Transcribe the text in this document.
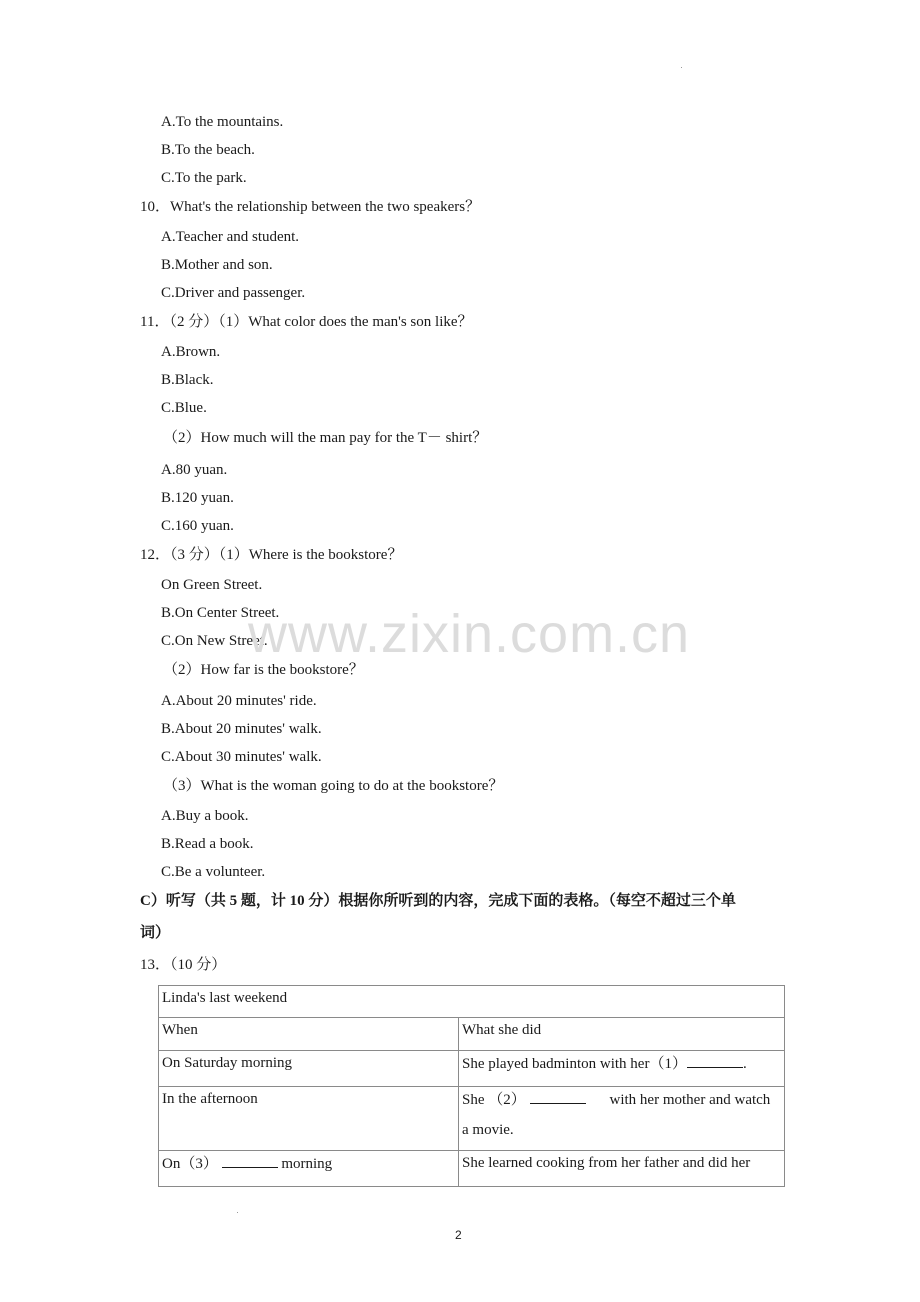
A.To the mountains.
B.To the beach.
C.To the park.
10．What's the relationship between the two speakers？
A.Teacher and student.
B.Mother and son.
C.Driver and passenger.
11．（2 分）（1）What color does the man's son like？
A.Brown.
B.Black.
C.Blue.
（2）How much will the man pay for the T－ shirt？
A.80 yuan.
B.120 yuan.
C.160 yuan.
12．（3 分）（1）Where is the bookstore？
On Green Street.
B.On Center Street.
C.On New Street.
（2）How far is the bookstore？
A.About 20 minutes' ride.
B.About 20 minutes' walk.
C.About 30 minutes' walk.
（3）What is the woman going to do at the bookstore？
A.Buy a book.
B.Read a book.
C.Be a volunteer.
www.zixin.com.cn
C）听写（共 5 题，计 10 分）根据你所听到的内容，完成下面的表格。（每空不超过三个单
词）
13．（10 分）
Linda's last weekend	
When	What she did
On Saturday morning	She played badminton with her（1） .
In the afternoon	She （2） with her mother and watch
a movie.

On（3） morning	She learned cooking from her father and did her
2
